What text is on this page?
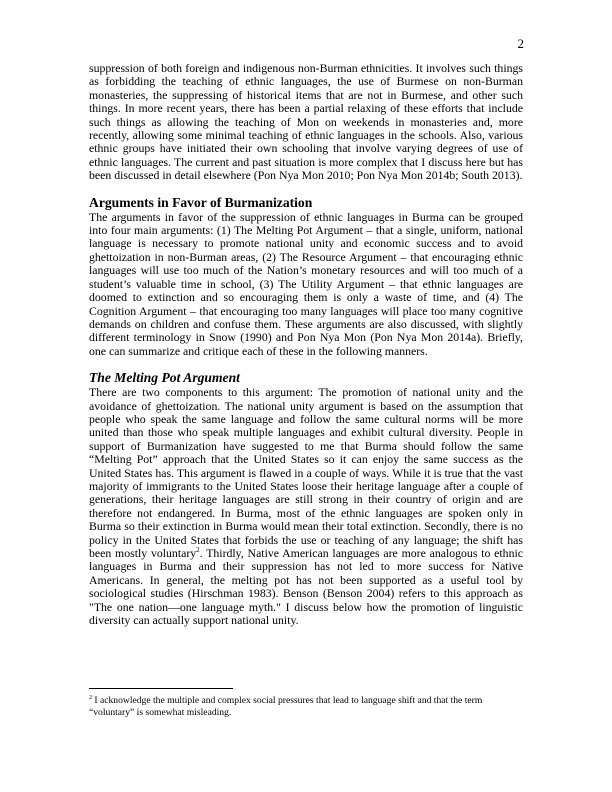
2

suppression of both foreign and indigenous non-Burman ethnicities. It involves such things as forbidding the teaching of ethnic languages, the use of Burmese on non-Burman monasteries, the suppressing of historical items that are not in Burmese, and other such things. In more recent years, there has been a partial relaxing of these efforts that include such things as allowing the teaching of Mon on weekends in monasteries and, more recently, allowing some minimal teaching of ethnic languages in the schools. Also, various ethnic groups have initiated their own schooling that involve varying degrees of use of ethnic languages. The current and past situation is more complex that I discuss here but has been discussed in detail elsewhere (Pon Nya Mon 2010; Pon Nya Mon 2014b; South 2013).

Arguments in Favor of Burmanization

The arguments in favor of the suppression of ethnic languages in Burma can be grouped into four main arguments: (1) The Melting Pot Argument – that a single, uniform, national language is necessary to promote national unity and economic success and to avoid ghettoization in non-Burman areas, (2) The Resource Argument – that encouraging ethnic languages will use too much of the Nation’s monetary resources and will too much of a student’s valuable time in school, (3) The Utility Argument – that ethnic languages are doomed to extinction and so encouraging them is only a waste of time, and (4) The Cognition Argument – that encouraging too many languages will place too many cognitive demands on children and confuse them. These arguments are also discussed, with slightly different terminology in Snow (1990) and Pon Nya Mon (Pon Nya Mon 2014a). Briefly, one can summarize and critique each of these in the following manners.

The Melting Pot Argument

There are two components to this argument: The promotion of national unity and the avoidance of ghettoization. The national unity argument is based on the assumption that people who speak the same language and follow the same cultural norms will be more united than those who speak multiple languages and exhibit cultural diversity. People in support of Burmanization have suggested to me that Burma should follow the same “Melting Pot” approach that the United States so it can enjoy the same success as the United States has. This argument is flawed in a couple of ways. While it is true that the vast majority of immigrants to the United States loose their heritage language after a couple of generations, their heritage languages are still strong in their country of origin and are therefore not endangered. In Burma, most of the ethnic languages are spoken only in Burma so their extinction in Burma would mean their total extinction. Secondly, there is no policy in the United States that forbids the use or teaching of any language; the shift has been mostly voluntary$^2$. Thirdly, Native American languages are more analogous to ethnic languages in Burma and their suppression has not led to more success for Native Americans. In general, the melting pot has not been supported as a useful tool by sociological studies (Hirschman 1983). Benson (Benson 2004) refers to this approach as "The one nation—one language myth." I discuss below how the promotion of linguistic diversity can actually support national unity.

$^2$ I acknowledge the multiple and complex social pressures that lead to language shift and that the term “voluntary” is somewhat misleading.
